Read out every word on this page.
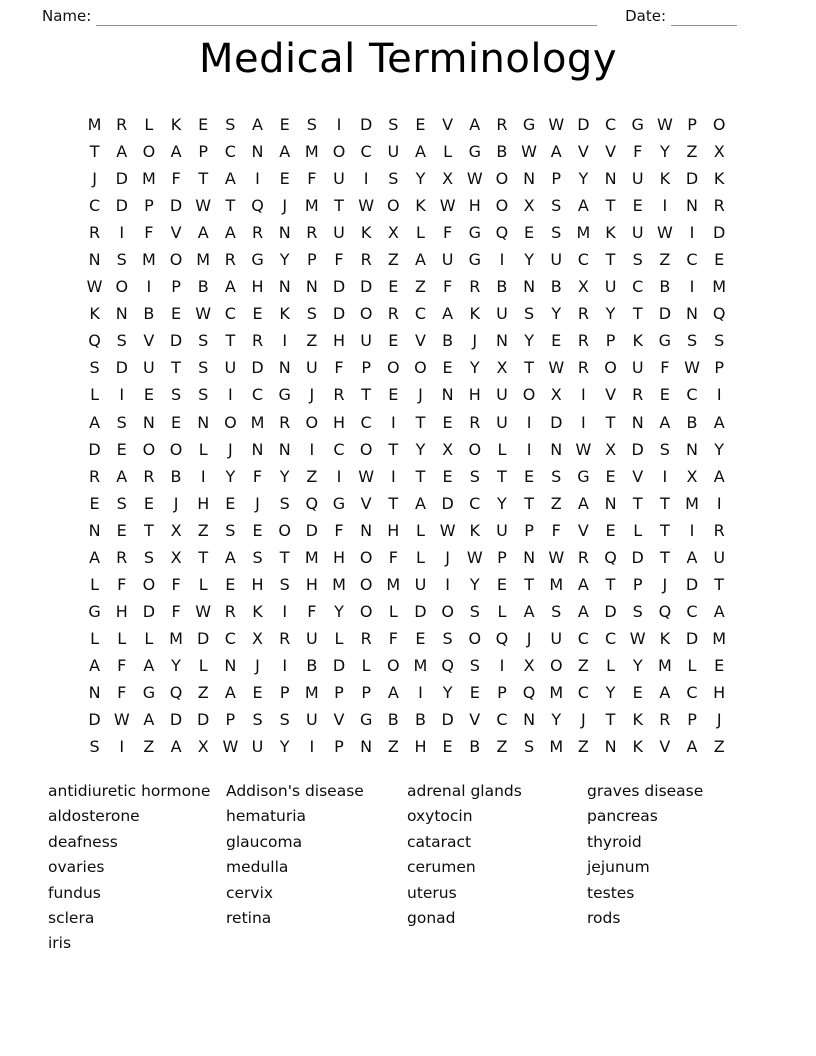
Name:	Date:
Medical Terminology
M R	L	K	E	S	A	E	S	I	D S	E	V	A	R G W D C G W P	O
T	A O A	P	C N A M O C U A	L	G B W A	V	V	F	Y	Z	X
J	D M F	T	A	I	E	F	U	I	S	Y	X W O N	P	Y	N U	K D K
C D	P	D W T Q	J	M T W O K W H O X	S	A	T	E	I	N R
R	I	F	V	A	A	R N R U	K	X	L	F	G Q E	S M K	U W	I	D
N	S M O M R G	Y	P	F	R	Z	A U G	I	Y	U C	T	S	Z	C	E
W O	I	P	B	A H N N D D E	Z	F	R	B N B	X U C	B	I	M
K N B	E W C	E	K	S D O R	C	A	K	U	S	Y	R	Y	T	D N Q
Q S	V D S	T	R	I	Z H U	E	V	B	J	N	Y	E	R	P	K G S	S
S D U	T	S	U D N U	F	P	O O E	Y	X	T W R O U	F W P
L	I	E	S	S	I	C G	J	R	T	E	J	N H U O X	I	V	R	E	C	I
A	S	N	E	N O M R O H C	I	T	E	R U	I	D	I	T	N A	B	A
D E O O	L	J	N N	I	C O T	Y	X O	L	I	N W X D S	N	Y
R	A	R	B	I	Y	F	Y	Z	I	W	I	T	E	S	T	E	S G E	V	I	X	A
E	S	E	J	H	E	J	S Q G V	T	A D C	Y	T	Z	A N	T	T M	I
N	E	T	X	Z	S	E O D	F	N H	L W K	U	P	F	V	E	L	T	I	R
A	R	S	X	T	A	S	T M H O	F	L	J	W P	N W R Q D	T	A U
L	F	O	F	L	E	H	S	H M O M U	I	Y	E	T M A	T	P	J	D	T
G H D	F W R	K	I	F	Y O	L	D O S	L	A	S	A D S Q C	A
L	L	L M D C	X	R U	L	R	F	E	S O Q	J	U C C W K D M
A	F	A	Y	L	N	J	I	B D	L	O M Q S	I	X O Z	L	Y M L	E
N	F	G Q Z	A	E	P M P	P	A	I	Y	E	P	Q M C	Y	E	A	C H
D W A D D	P	S	S	U V G B	B D V	C N	Y	J	T	K	R	P	J
S	I	Z	A	X W U	Y	I	P	N Z H	E	B	Z	S M Z N K	V	A	Z
antidiuretic hormone
aldosterone
deafness
ovaries
fundus
sclera
iris
Addison's disease
hematuria
glaucoma
medulla
cervix
retina
adrenal glands
oxytocin
cataract
cerumen
uterus
gonad
graves disease
pancreas
thyroid
jejunum
testes
rods
